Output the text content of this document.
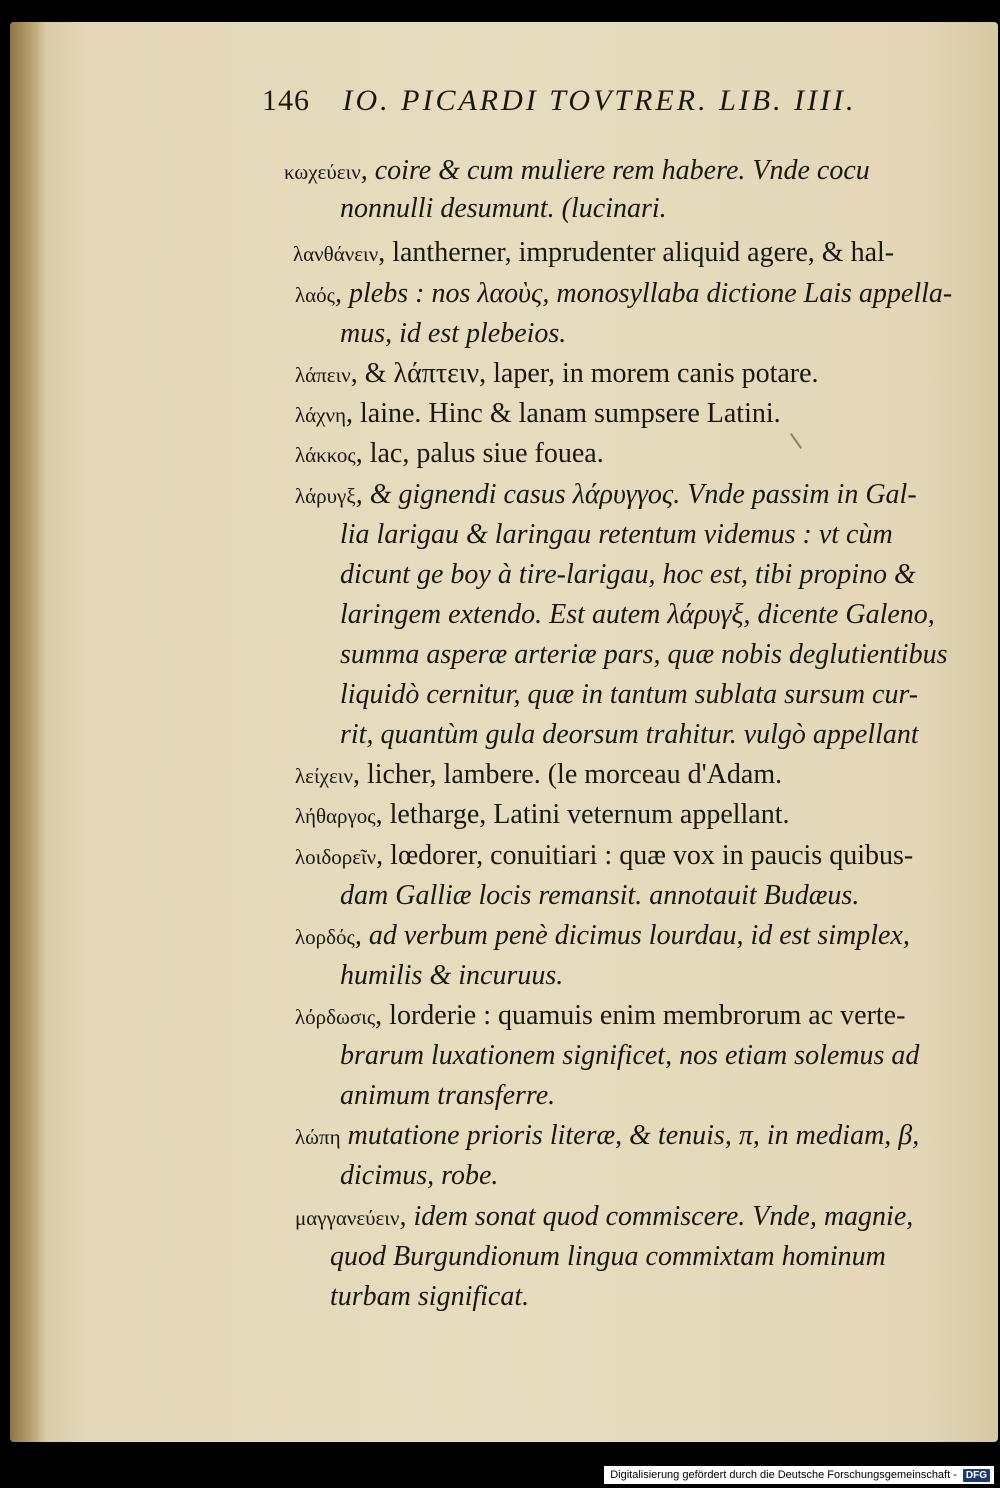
146 IO. PICARDI TOVTRER. LIB. IIII.
κωχεύειν, coire & cum muliere rem habere. Vnde cocu
nonnulli desumunt. (lucinari.
λανθάνειν, lantherner, imprudenter aliquid agere, & hal-
λαός, plebs : nos λαοὺς, monosyllaba dictione Lais appella-
mus, id est plebeios.
λάπειν, & λάπτειν, laper, in morem canis potare.
λάχνη, laine. Hinc & lanam sumpsere Latini.
λάκκος, lac, palus siue fouea.
λάρυγξ, & gignendi casus λάρυγγος. Vnde passim in Gal-
lia larigau & laringau retentum videmus : vt cùm
dicunt ge boy à tire-larigau, hoc est, tibi propino &
laringem extendo. Est autem λάρυγξ, dicente Galeno,
summa asperæ arteriæ pars, quæ nobis deglutientibus
liquidò cernitur, quæ in tantum sublata sursum cur-
rit, quantùm gula deorsum trahitur. vulgò appellant
λείχειν, licher, lambere. (le morceau d'Adam.
λήθαργος, letharge, Latini veternum appellant.
λοιδορεῖν, lœdorer, conuitiari : quæ vox in paucis quibus-
dam Galliæ locis remansit. annotauit Budæus.
λορδός, ad verbum penè dicimus lourdau, id est simplex,
humilis & incuruus.
λόρδωσις, lorderie : quamuis enim membrorum ac verte-
brarum luxationem significet, nos etiam solemus ad
animum transferre.
λώπη mutatione prioris literæ, & tenuis, π, in mediam, β,
dicimus, robe.
μαγγανεύειν, idem sonat quod commiscere. Vnde, magnie,
quod Burgundionum lingua commixtam hominum
turbam significat.
Digitalisierung gefördert durch die Deutsche Forschungsgemeinschaft - DFG
